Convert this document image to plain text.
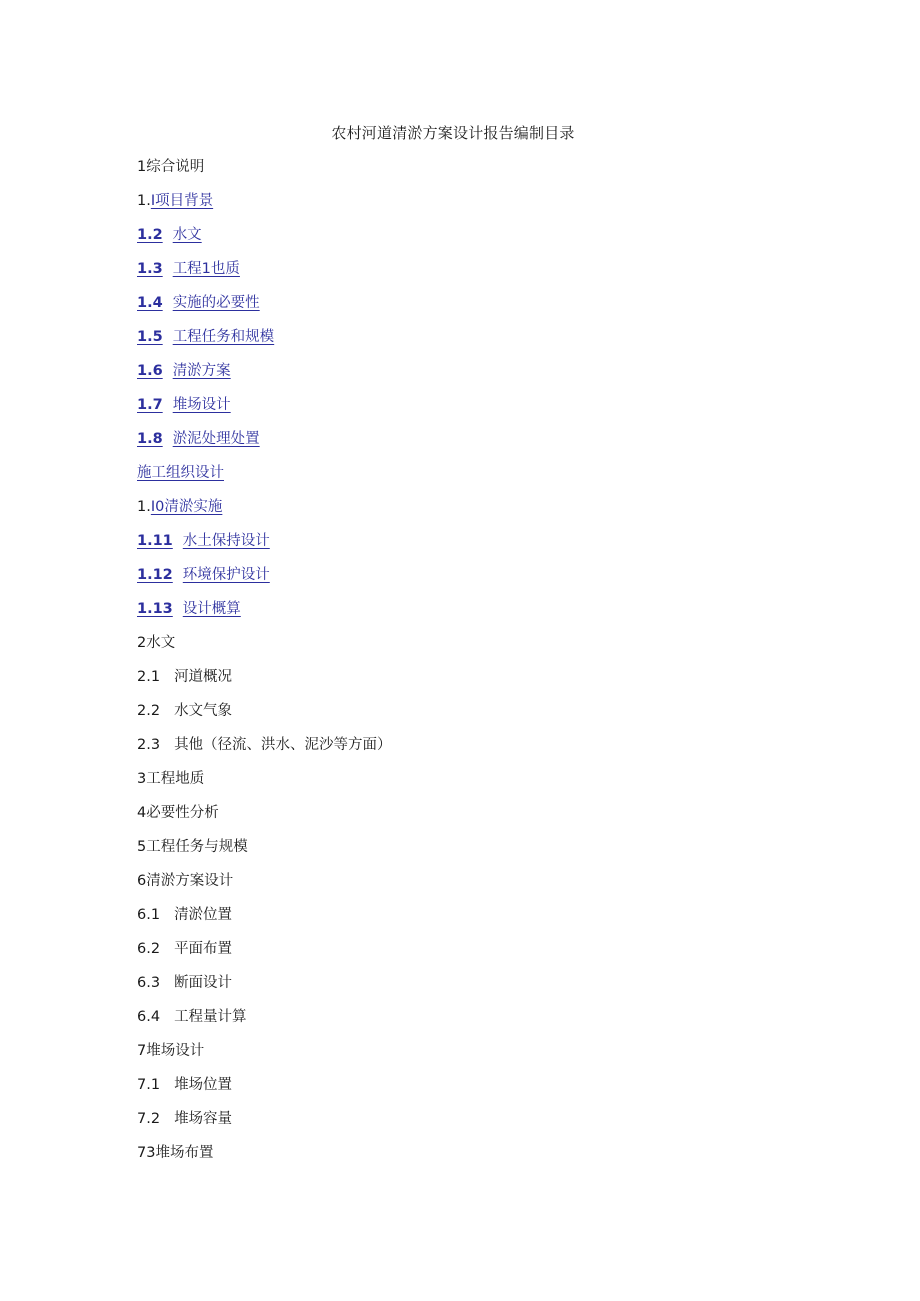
农村河道清淤方案设计报告编制目录
1综合说明
1.I项目背景
1.2 水文
1.3 工程1也质
1.4 实施的必要性
1.5 工程任务和规模
1.6 清淤方案
1.7 堆场设计
1.8 淤泥处理处置
施工组织设计
1.I0清淤实施
1.11 水土保持设计
1.12 环境保护设计
1.13 设计概算
2水文
2.1 河道概况
2.2 水文气象
2.3 其他（径流、洪水、泥沙等方面）
3工程地质
4必要性分析
5工程任务与规模
6清淤方案设计
6.1 清淤位置
6.2 平面布置
6.3 断面设计
6.4 工程量计算
7堆场设计
7.1 堆场位置
7.2 堆场容量
73堆场布置
